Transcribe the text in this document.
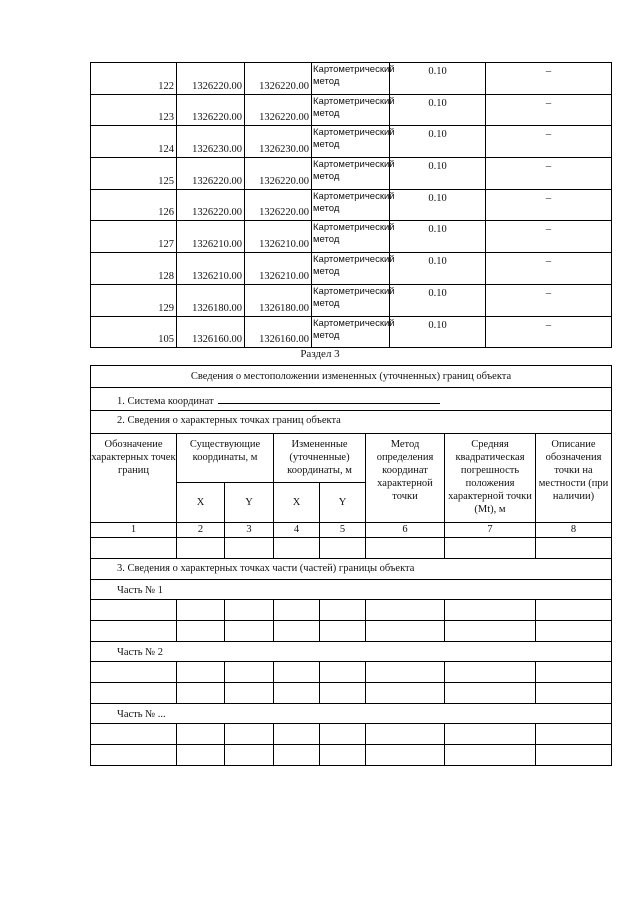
122	1326220.00	1326220.00	Картометрический метод	0.10	–
123	1326220.00	1326220.00	Картометрический метод	0.10	–
124	1326230.00	1326230.00	Картометрический метод	0.10	–
125	1326220.00	1326220.00	Картометрический метод	0.10	–
126	1326220.00	1326220.00	Картометрический метод	0.10	–
127	1326210.00	1326210.00	Картометрический метод	0.10	–
128	1326210.00	1326210.00	Картометрический метод	0.10	–
129	1326180.00	1326180.00	Картометрический метод	0.10	–
105	1326160.00	1326160.00	Картометрический метод	0.10	–
Раздел 3
Сведения о местоположении измененных (уточненных) границ объекта							
1. Система координат							
2. Сведения о характерных точках границ объекта							
Обозначение характерных точек границ	Существующие координаты, м		Измененные (уточненные) координаты, м		Метод определения координат характерной точки	Средняя квадратическая погрешность положения характерной точки (Mt), м	Описание обозначения точки на местности (при наличии)
	X	Y	X	Y			
1	2	3	4	5	6	7	8

3. Сведения о характерных точках части (частей) границы объекта							
Часть № 1							

Часть № 2							

Часть № ...							
